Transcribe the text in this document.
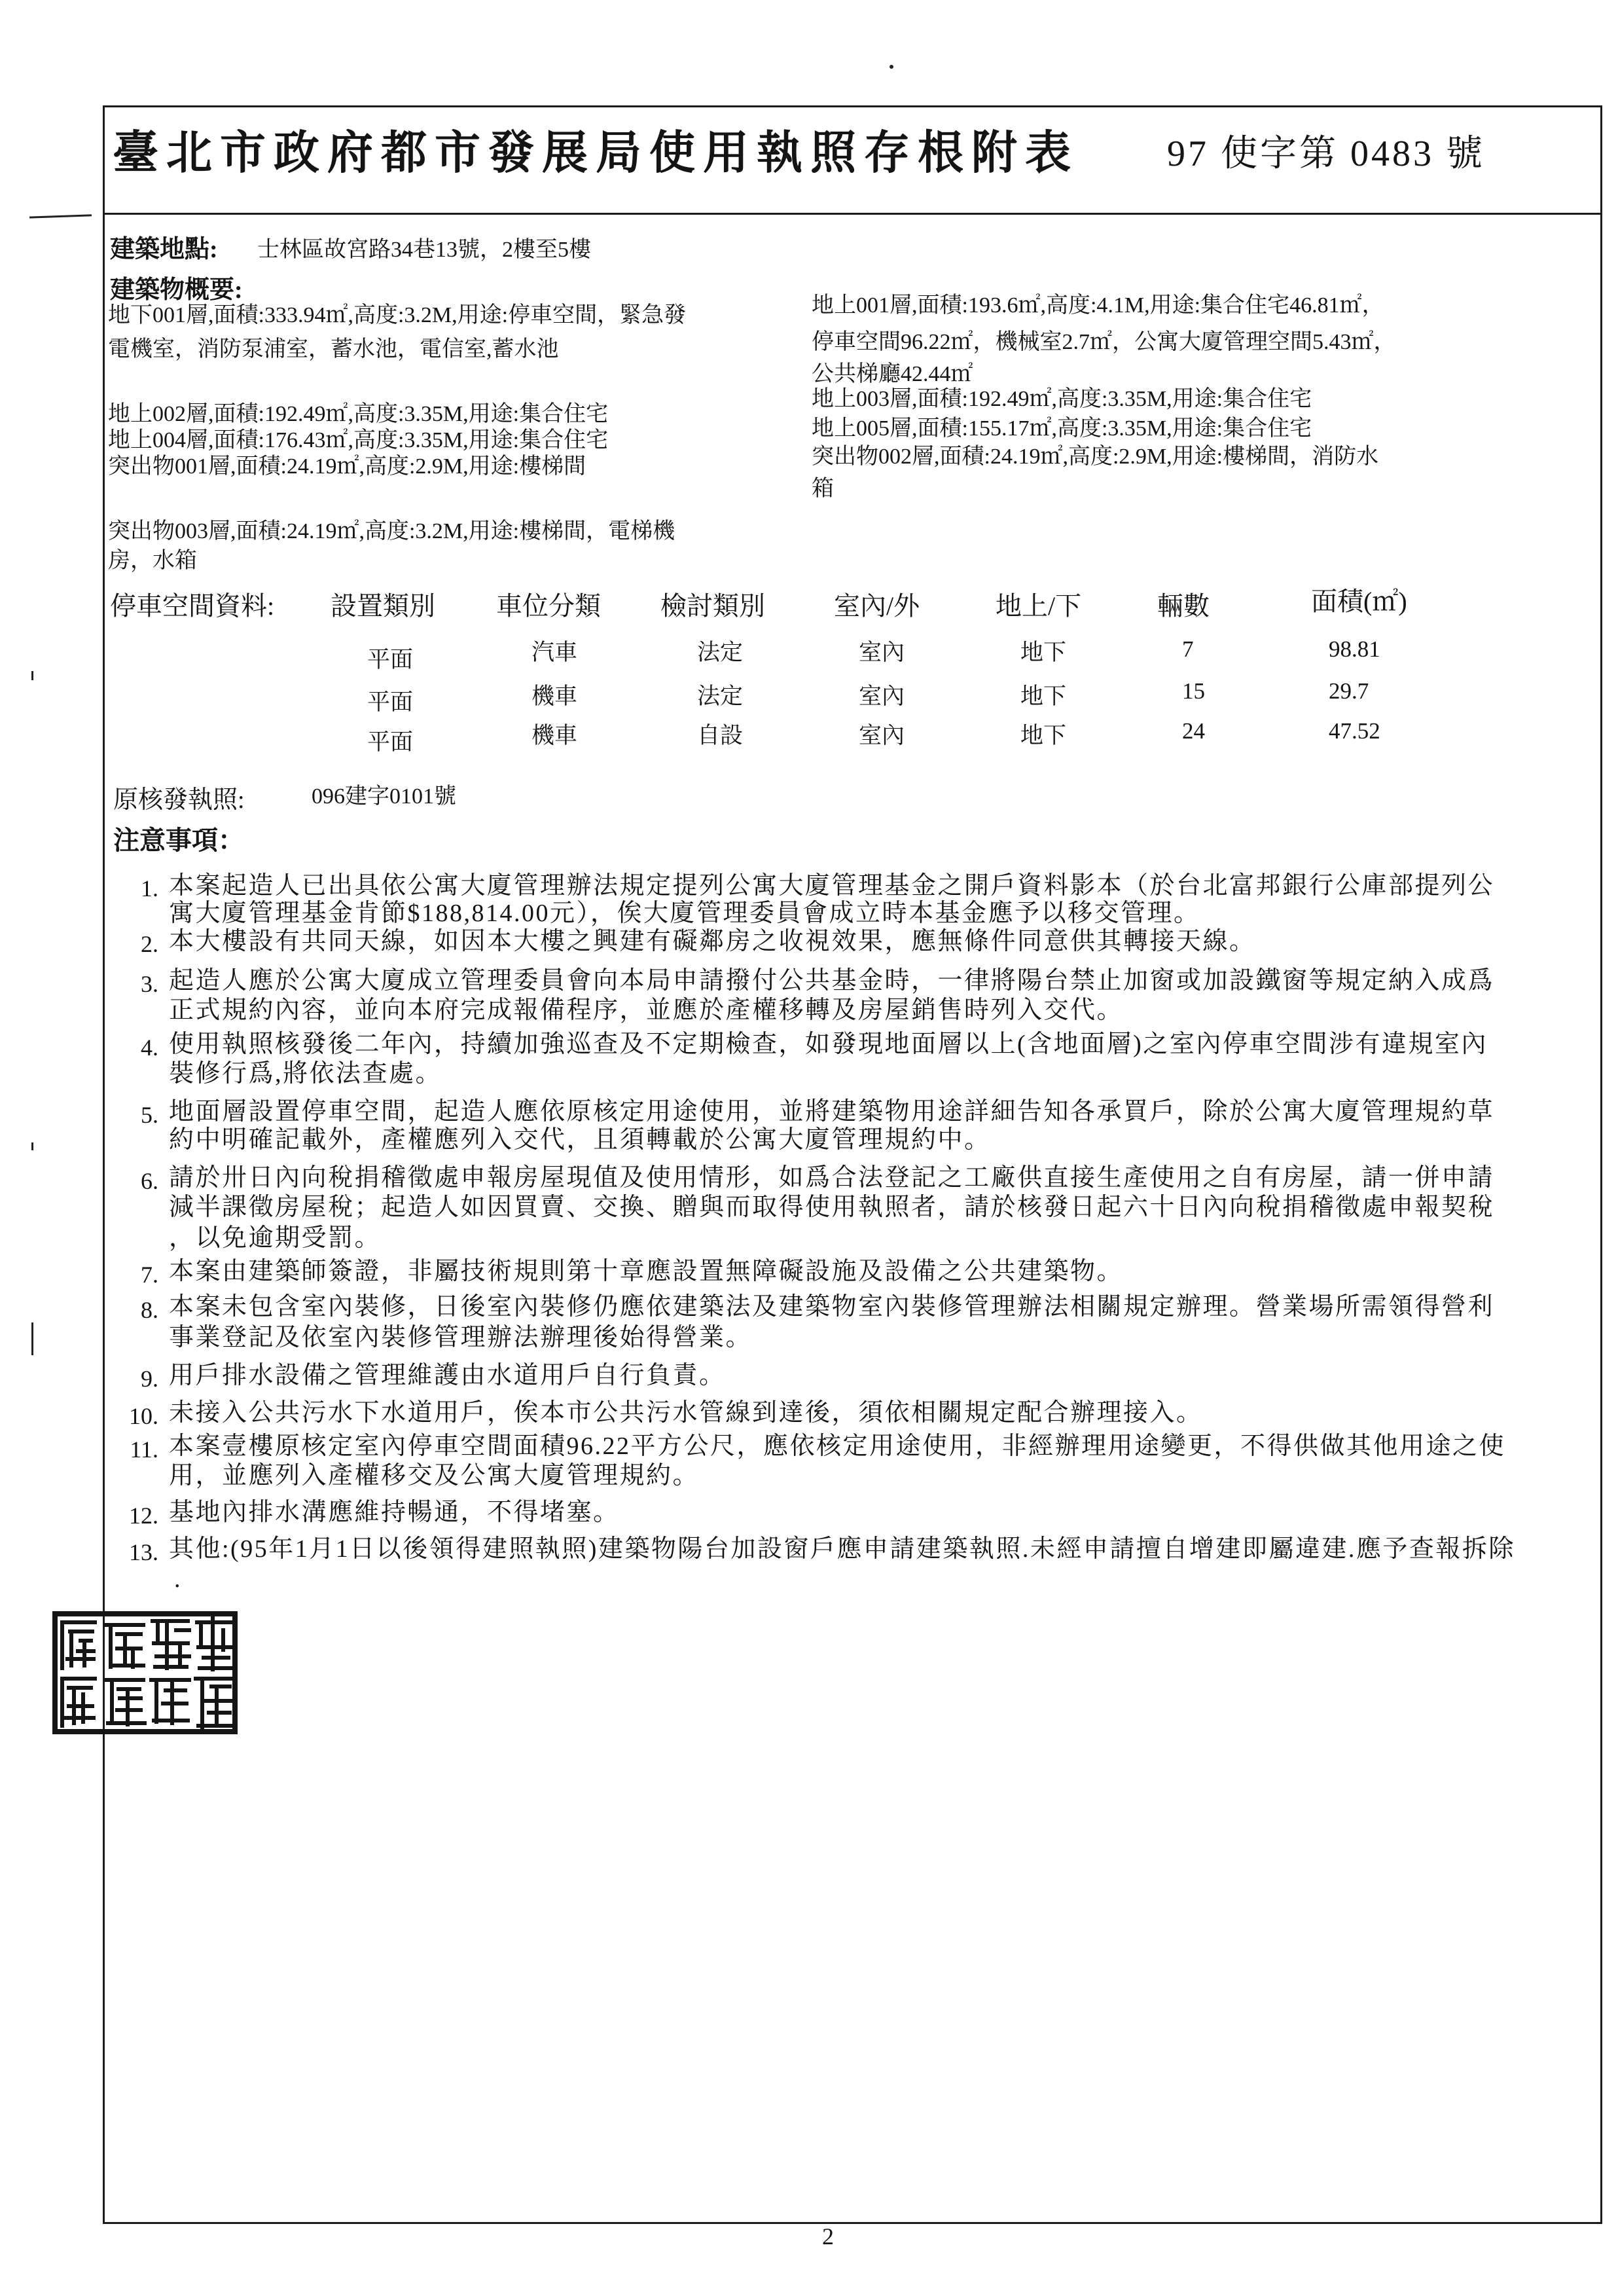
臺北市政府都市發展局使用執照存根附表 97 使字第 0483 號
建築地點: 士林區故宮路34巷13號，2樓至5樓
建築物概要:
地下001層,面積:333.94㎡,高度:3.2M,用途:停車空間，緊急發
電機室，消防泵浦室，蓄水池，電信室,蓄水池
地上001層,面積:193.6㎡,高度:4.1M,用途:集合住宅46.81㎡，
停車空間96.22㎡，機械室2.7㎡，公寓大廈管理空間5.43㎡，
公共梯廳42.44㎡
地上002層,面積:192.49㎡,高度:3.35M,用途:集合住宅
地上004層,面積:176.43㎡,高度:3.35M,用途:集合住宅
突出物001層,面積:24.19㎡,高度:2.9M,用途:樓梯間
地上003層,面積:192.49㎡,高度:3.35M,用途:集合住宅
地上005層,面積:155.17㎡,高度:3.35M,用途:集合住宅
突出物002層,面積:24.19㎡,高度:2.9M,用途:樓梯間，消防水
箱
突出物003層,面積:24.19㎡,高度:3.2M,用途:樓梯間，電梯機
房，水箱
停車空間資料: 設置類別 車位分類 檢討類別	室內/外	地上/下	輛數	面積(㎡)
平面	汽車	法定	室內	地下	7	98.81
平面	機車	法定	室內	地下	15	29.7
平面	機車	自設	室內	地下	24	47.52
原核發執照:	096建字0101號
注意事項：
1. 本案起造人已出具依公寓大廈管理辦法規定提列公寓大廈管理基金之開戶資料影本（於台北富邦銀行公庫部提列公
寓大廈管理基金肯節$188,814.00元），俟大廈管理委員會成立時本基金應予以移交管理。
2. 本大樓設有共同天線，如因本大樓之興建有礙鄰房之收視效果，應無條件同意供其轉接天線。
3. 起造人應於公寓大廈成立管理委員會向本局申請撥付公共基金時，一律將陽台禁止加窗或加設鐵窗等規定納入成爲
正式規約內容，並向本府完成報備程序，並應於產權移轉及房屋銷售時列入交代。
4. 使用執照核發後二年內，持續加強巡查及不定期檢查，如發現地面層以上(含地面層)之室內停車空間涉有違規室內
裝修行爲,將依法查處。
5. 地面層設置停車空間，起造人應依原核定用途使用，並將建築物用途詳細告知各承買戶，除於公寓大廈管理規約草
約中明確記載外，產權應列入交代，且須轉載於公寓大廈管理規約中。
6. 請於卅日內向稅捐稽徵處申報房屋現值及使用情形，如爲合法登記之工廠供直接生產使用之自有房屋，請一併申請
減半課徵房屋稅；起造人如因買賣、交換、贈與而取得使用執照者，請於核發日起六十日內向稅捐稽徵處申報契稅
，以免逾期受罰。
7. 本案由建築師簽證，非屬技術規則第十章應設置無障礙設施及設備之公共建築物。
8. 本案未包含室內裝修，日後室內裝修仍應依建築法及建築物室內裝修管理辦法相關規定辦理。營業場所需領得營利
事業登記及依室內裝修管理辦法辦理後始得營業。
9. 用戶排水設備之管理維護由水道用戶自行負責。
10. 未接入公共污水下水道用戶，俟本市公共污水管線到達後，須依相關規定配合辦理接入。
11. 本案壹樓原核定室內停車空間面積96.22平方公尺，應依核定用途使用，非經辦理用途變更，不得供做其他用途之使
用，並應列入產權移交及公寓大廈管理規約。
12. 基地內排水溝應維持暢通，不得堵塞。
13. 其他:(95年1月1日以後領得建照執照)建築物陽台加設窗戶應申請建築執照.未經申請擅自增建即屬違建.應予查報拆除
.
2
